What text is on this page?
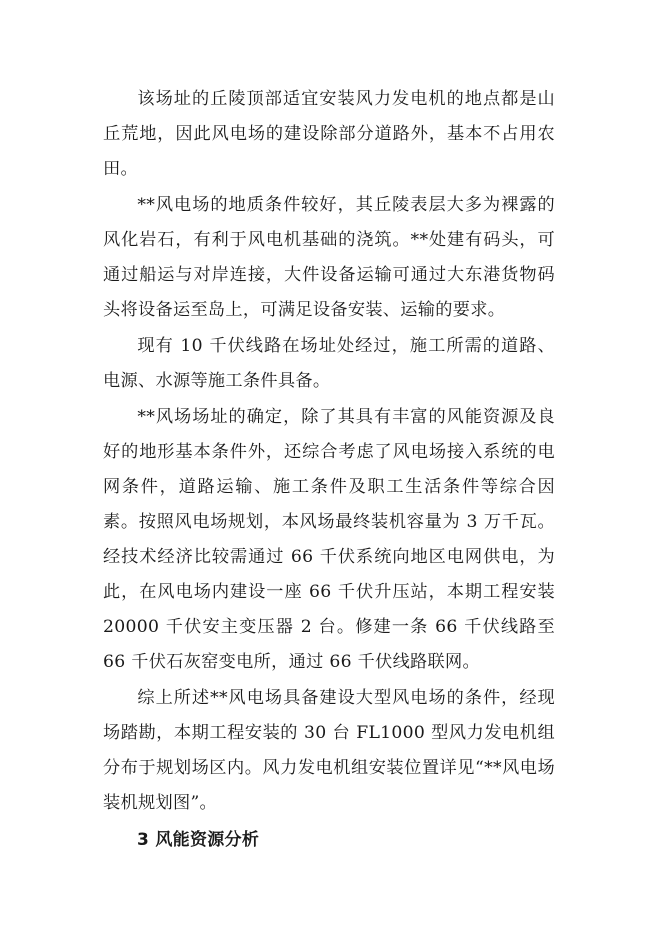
该场址的丘陵顶部适宜安装风力发电机的地点都是山丘荒地，因此风电场的建设除部分道路外，基本不占用农田。

**风电场的地质条件较好，其丘陵表层大多为裸露的风化岩石，有利于风电机基础的浇筑。**处建有码头，可通过船运与对岸连接，大件设备运输可通过大东港货物码头将设备运至岛上，可满足设备安装、运输的要求。

现有 10 千伏线路在场址处经过，施工所需的道路、电源、水源等施工条件具备。

**风场场址的确定，除了其具有丰富的风能资源及良好的地形基本条件外，还综合考虑了风电场接入系统的电网条件，道路运输、施工条件及职工生活条件等综合因素。按照风电场规划，本风场最终装机容量为 3 万千瓦。经技术经济比较需通过 66 千伏系统向地区电网供电，为此，在风电场内建设一座 66 千伏升压站，本期工程安装 20000 千伏安主变压器 2 台。修建一条 66 千伏线路至 66 千伏石灰窑变电所，通过 66 千伏线路联网。

综上所述**风电场具备建设大型风电场的条件，经现场踏勘，本期工程安装的 30 台 FL1000 型风力发电机组分布于规划场区内。风力发电机组安装位置详见“**风电场装机规划图”。

3 风能资源分析
